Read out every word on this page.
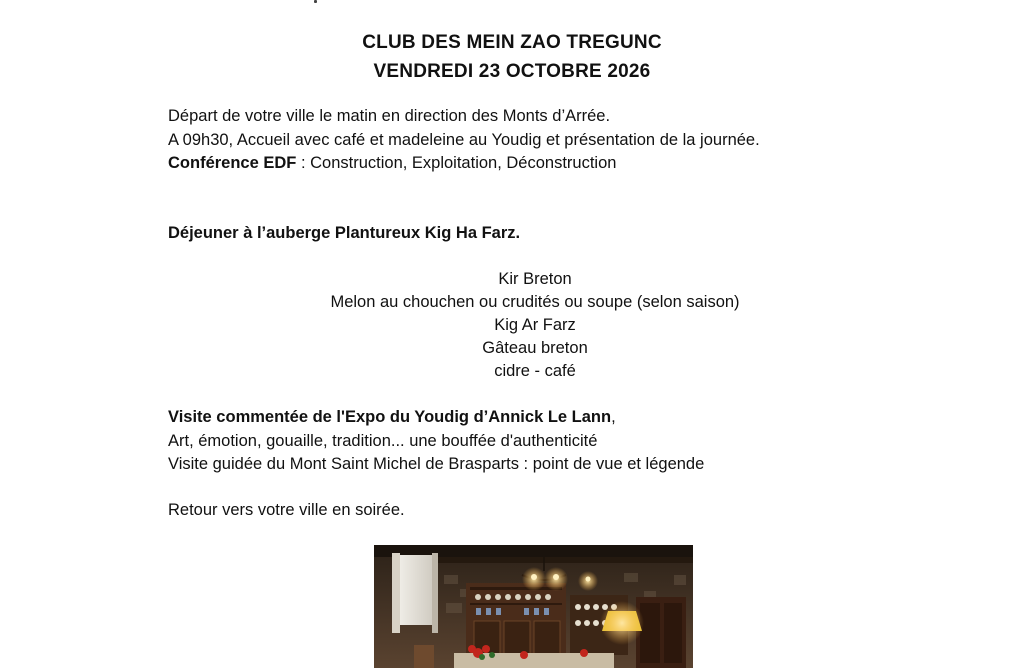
CLUB DES MEIN ZAO TREGUNC
VENDREDI 23 OCTOBRE 2026
Départ de votre ville le matin en direction des Monts d’Arrée.
A 09h30, Accueil avec café et madeleine au Youdig et présentation de la journée.
Conférence EDF : Construction, Exploitation, Déconstruction
Déjeuner à l’auberge Plantureux Kig Ha Farz.
Kir Breton
Melon au chouchen ou crudités ou soupe (selon saison)
Kig Ar Farz
Gâteau breton
cidre - café
Visite commentée de l'Expo du Youdig d’Annick Le Lann,
Art, émotion, gouaille, tradition... une bouffée d'authenticité
Visite guidée du Mont Saint Michel de Brasparts : point de vue et légende
Retour vers votre ville en soirée.
